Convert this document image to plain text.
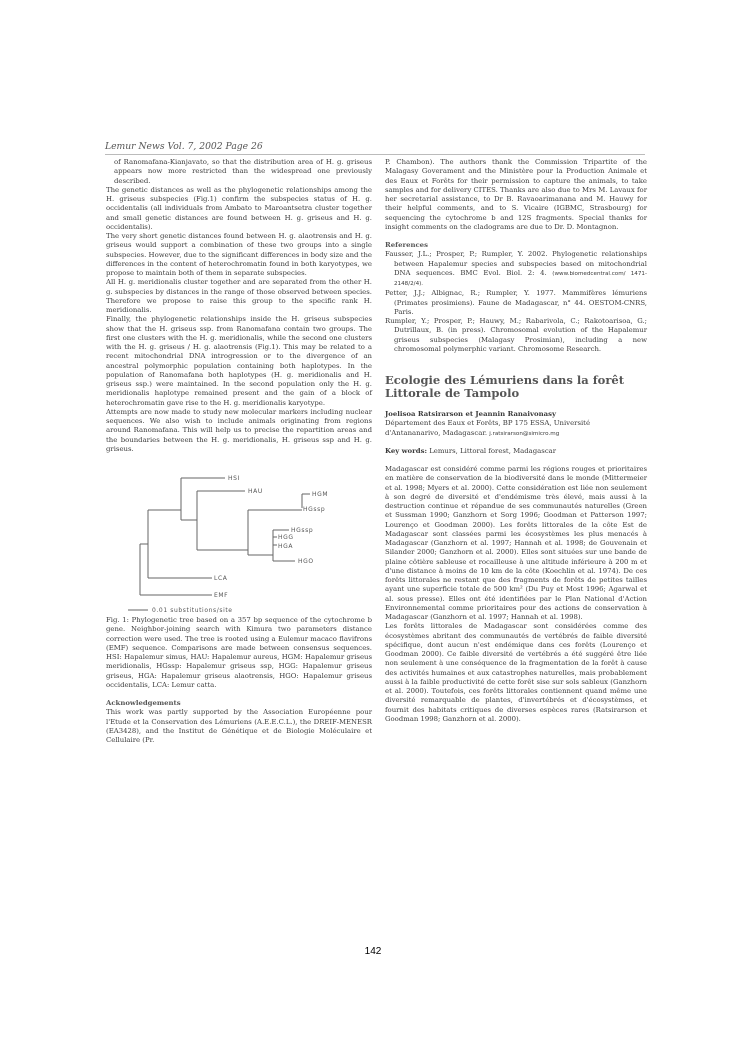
Lemur News Vol. 7, 2002 Page 26

of Ranomafana-Kianjavato, so that the distribution area of H. g. griseus appears now more restricted than the widespread one previously described.

The genetic distances as well as the phylogenetic relationships among the H. griseus subspecies (Fig.1) confirm the subspecies status of H. g. occidentalis (all individuals from Ambato to Maroantsetra cluster together and small genetic distances are found between H. g. griseus and H. g. occidentalis).

The very short genetic distances found between H. g. alaotrensis and H. g. griseus would support a combination of these two groups into a single subspecies. However, due to the significant differences in body size and the differences in the content of heterochromatin found in both karyotypes, we propose to maintain both of them in separate subspecies.

All H. g. meridionalis cluster together and are separated from the other H. g. subspecies by distances in the range of those observed between species. Therefore we propose to raise this group to the specific rank H. meridionalis.

Finally, the phylogenetic relationships inside the H. griseus subspecies show that the H. griseus ssp. from Ranomafana contain two groups. The first one clusters with the H. g. meridionalis, while the second one clusters with the H. g. griseus / H. g. alaotrensis (Fig.1). This may be related to a recent mitochondrial DNA introgression or to the divergence of an ancestral polymorphic population containing both haplotypes. In the population of Ranomafana both haplotypes (H. g. meridionalis and H. griseus ssp.) were maintained. In the second population only the H. g. meridionalis haplotype remained present and the gain of a block of heterochromatin gave rise to the H. g. meridionalis karyotype.

Attempts are now made to study new molecular markers including nuclear sequences. We also wish to include animals originating from regions around Ranomafana. This will help us to precise the repartition areas and the boundaries between the H. g. meridionalis, H. griseus ssp and H. g. griseus.

HSI
HAU	HGM
HGssp
HGssp
HGG
HGA
HGO
LCA
EMF
0.01 substitutions/site

Fig. 1: Phylogenetic tree based on a 357 bp sequence of the cytochrome b gene. Neighbor-joining search with Kimura two parameters distance correction were used. The tree is rooted using a Eulemur macaco flavifrons (EMF) sequence. Comparisons are made between consensus sequences. HSI: Hapalemur simus, HAU: Hapalemur aureus, HGM: Hapalemur griseus meridionalis, HGssp: Hapalemur griseus ssp, HGG: Hapalemur griseus griseus, HGA: Hapalemur griseus alaotrensis, HGO: Hapalemur griseus occidentalis, LCA: Lemur catta.

Acknowledgements

This work was partly supported by the Association Européenne pour l'Etude et la Conservation des Lémuriens (A.E.E.C.L.), the DREIF-MENESR (EA3428), and the Institut de Génétique et de Biologie Moléculaire et Cellulaire (Pr.

P. Chambon). The authors thank the Commission Tripartite of the Malagasy Goverament and the Ministère pour la Production Animale et des Eaux et Forêts for their permission to capture the animals, to take samples and for delivery CITES. Thanks are also due to Mrs M. Lavaux for her secretarial assistance, to Dr B. Ravaoarimanana and M. Hauwy for their helpful comments, and to S. Vicaire (IGBMC, Strasbourg) for sequencing the cytochrome b and 12S fragments. Special thanks for insight comments on the cladograms are due to Dr. D. Montagnon.

References

Fausser, J.L.; Prosper, P.; Rumpler, Y. 2002. Phylogenetic relationships between Hapalemur species and subspecies based on mitochondrial DNA sequences. BMC Evol. Biol. 2: 4. (www.biomedcentral.com/ 1471-2148/2/4).

Petter, J.J.; Albignac, R.; Rumpler, Y. 1977. Mammifères lémuriens (Primates prosimiens). Faune de Madagascar, n° 44. OESTOM-CNRS, Paris.

Rumpler, Y.; Prosper, P.; Hauwy, M.; Rabarivola, C.; Rakotoarisoa, G.; Dutrillaux, B. (in press). Chromosomal evolution of the Hapalemur griseus subspecies (Malagasy Prosimian), including a new chromosomal polymerphic variant. Chromosome Research.

Ecologie des Lémuriens dans la forêt Littorale de Tampolo

Joelisoa Ratsirarson et Jeannin Ranaivonasy

Département des Eaux et Forêts, BP 175 ESSA, Université d'Antananarivo, Madagascar. j.ratsirarson@simicro.mg

Key words: Lemurs, Littoral forest, Madagascar

Madagascar est considéré comme parmi les régions rouges et prioritaires en matière de conservation de la biodiversité dans le monde (Mittermeier et al. 1998; Myers et al. 2000). Cette considération est liée non seulement à son degré de diversité et d'endémisme très élevé, mais aussi à la destruction continue et répandue de ses communautés naturelles (Green et Sussman 1990; Ganzhorn et Sorg 1996; Goodman et Patterson 1997; Lourenço et Goodman 2000). Les forêts littorales de la côte Est de Madagascar sont classées parmi les écosystèmes les plus menacés à Madagascar (Ganzhorn et al. 1997; Hannah et al. 1998; de Gouvenain et Silander 2000; Ganzhorn et al. 2000). Elles sont situées sur une bande de plaine côtière sableuse et rocailleuse à une altitude inférieure à 200 m et d'une distance à moins de 10 km de la côte (Koechlin et al. 1974). De ces forêts littorales ne restant que des fragments de forêts de petites tailles ayant une superficie totale de 500 km² (Du Puy et Most 1996; Agarwal et al. sous presse). Elles ont été identifiées par le Plan National d'Action Environnemental comme prioritaires pour des actions de conservation à Madagascar (Ganzhorn et al. 1997; Hannah et al. 1998).

Les forêts littorales de Madagascar sont considérées comme des écosystèmes abritant des communautés de vertébrés de faible diversité spécifique, dont aucun n'est endémique dans ces forêts (Lourenço et Goodman 2000). Ce faible diversité de vertébrés a été suggéré être liée non seulement à une conséquence de la fragmentation de la forêt à cause des activités humaines et aux catastrophes naturelles, mais probablement aussi à la faible productivité de cette forêt sise sur sols sableux (Ganzhorn et al. 2000). Toutefois, ces forêts littorales contiennent quand même une diversité remarquable de plantes, d'invertébrés et d'écosystèmes, et fournit des habitats critiques de diverses espèces rares (Ratsirarson et Goodman 1998; Ganzhorn et al. 2000).

142
